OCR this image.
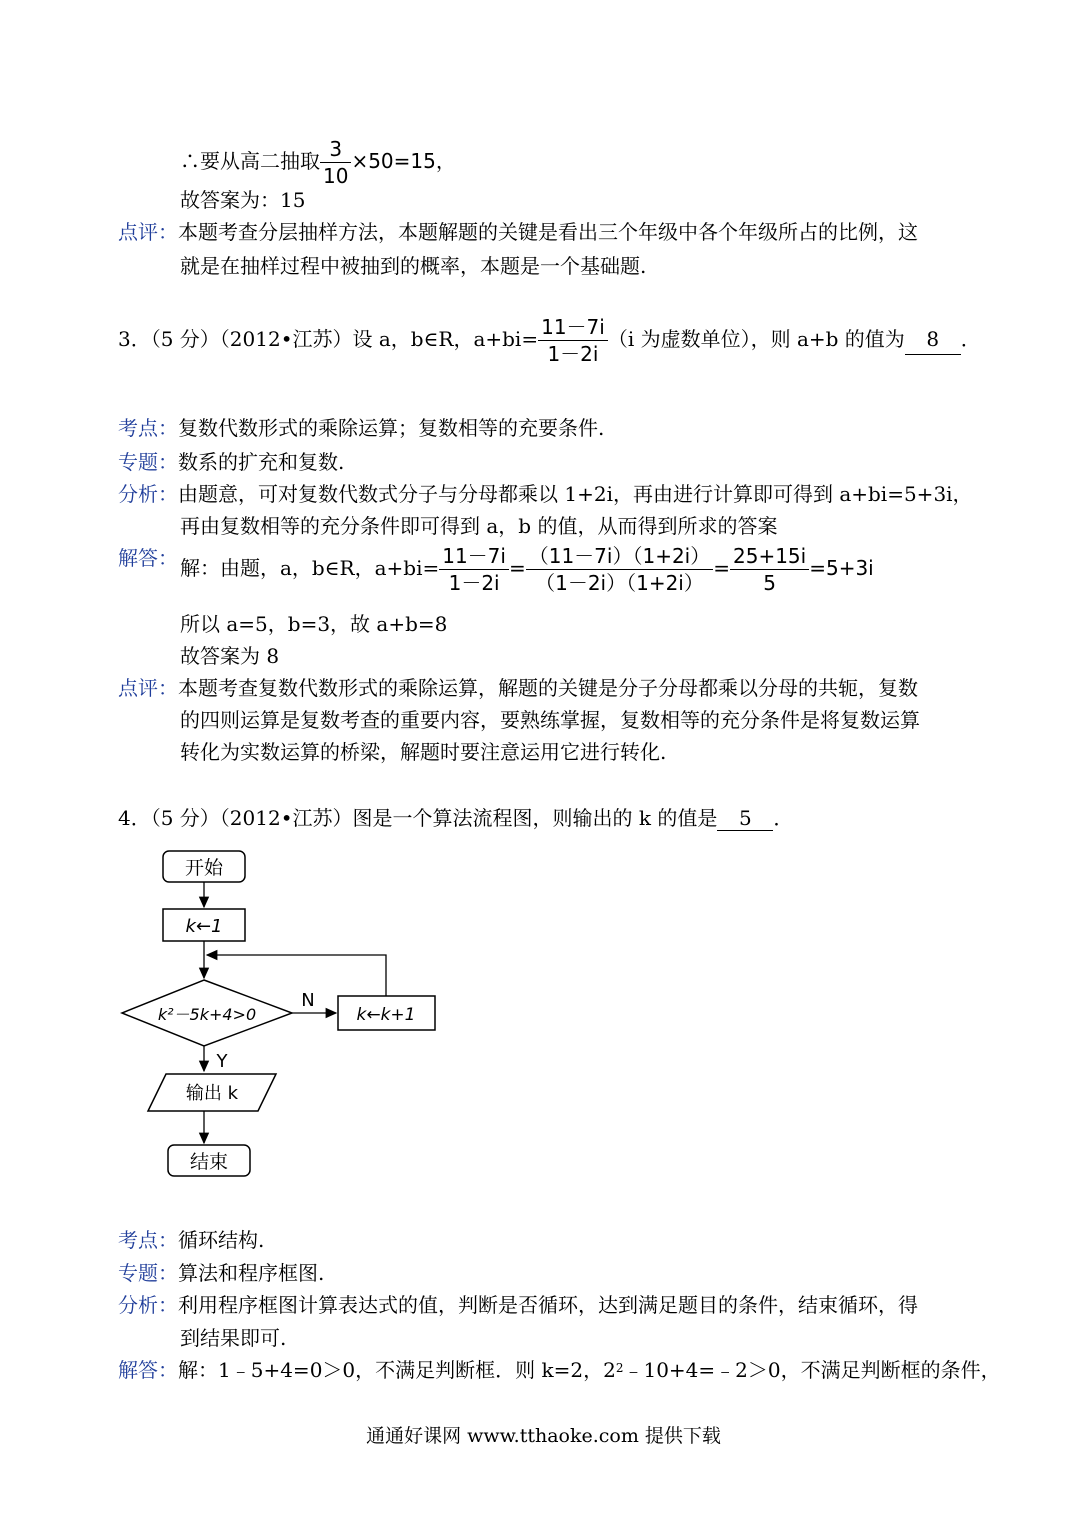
∴要从高二抽取 $\frac{3}{10} \times 50=15$，
故答案为：15
点评：本题考查分层抽样方法，本题解题的关键是看出三个年级中各个年级所占的比例，这
就是在抽样过程中被抽到的概率，本题是一个基础题.
3．（5 分）（2012•江苏）设 a，b∈R，$a+bi= \frac{11-7i}{1-2i} (i$ 为虚数单位），则 a+b 的值为 8 ．
考点：复数代数形式的乘除运算；复数相等的充要条件.
专题：数系的扩充和复数.
分析：由题意，可对复数代数式分子与分母都乘以 1+2i，再由进行计算即可得到 a+bi=5+3i，
再由复数相等的充分条件即可得到 a，b 的值，从而得到所求的答案
解答： 解：由题，a，b∈R，$a+bi= \frac{11-7i}{1-2i} = \frac{(11-7i)(1+2i)}{(1-2i)(1+2i)} = \frac{25+15i}{5} =5+3i$
所以 a=5，b=3，故 a+b=8
故答案为 8
点评：本题考查复数代数形式的乘除运算，解题的关键是分子分母都乘以分母的共轭，复数
的四则运算是复数考查的重要内容，要熟练掌握，复数相等的充分条件是将复数运算
转化为实数运算的桥梁，解题时要注意运用它进行转化.
4．（5 分）（2012•江苏）图是一个算法流程图，则输出的 k 的值是 5 ．
开始
k←1
k²－5k+4>0
N
k←k+1
Y
输出 k
结束
考点：循环结构.
专题：算法和程序框图.
分析：利用程序框图计算表达式的值，判断是否循环，达到满足题目的条件，结束循环，得
到结果即可.
解答：解：1﹣5+4=0＞0，不满足判断框．则 k=2，$2^2﹣10+4=﹣2>0$，不满足判断框的条件，
通通好课网 www.tthaoke.com 提供下载
